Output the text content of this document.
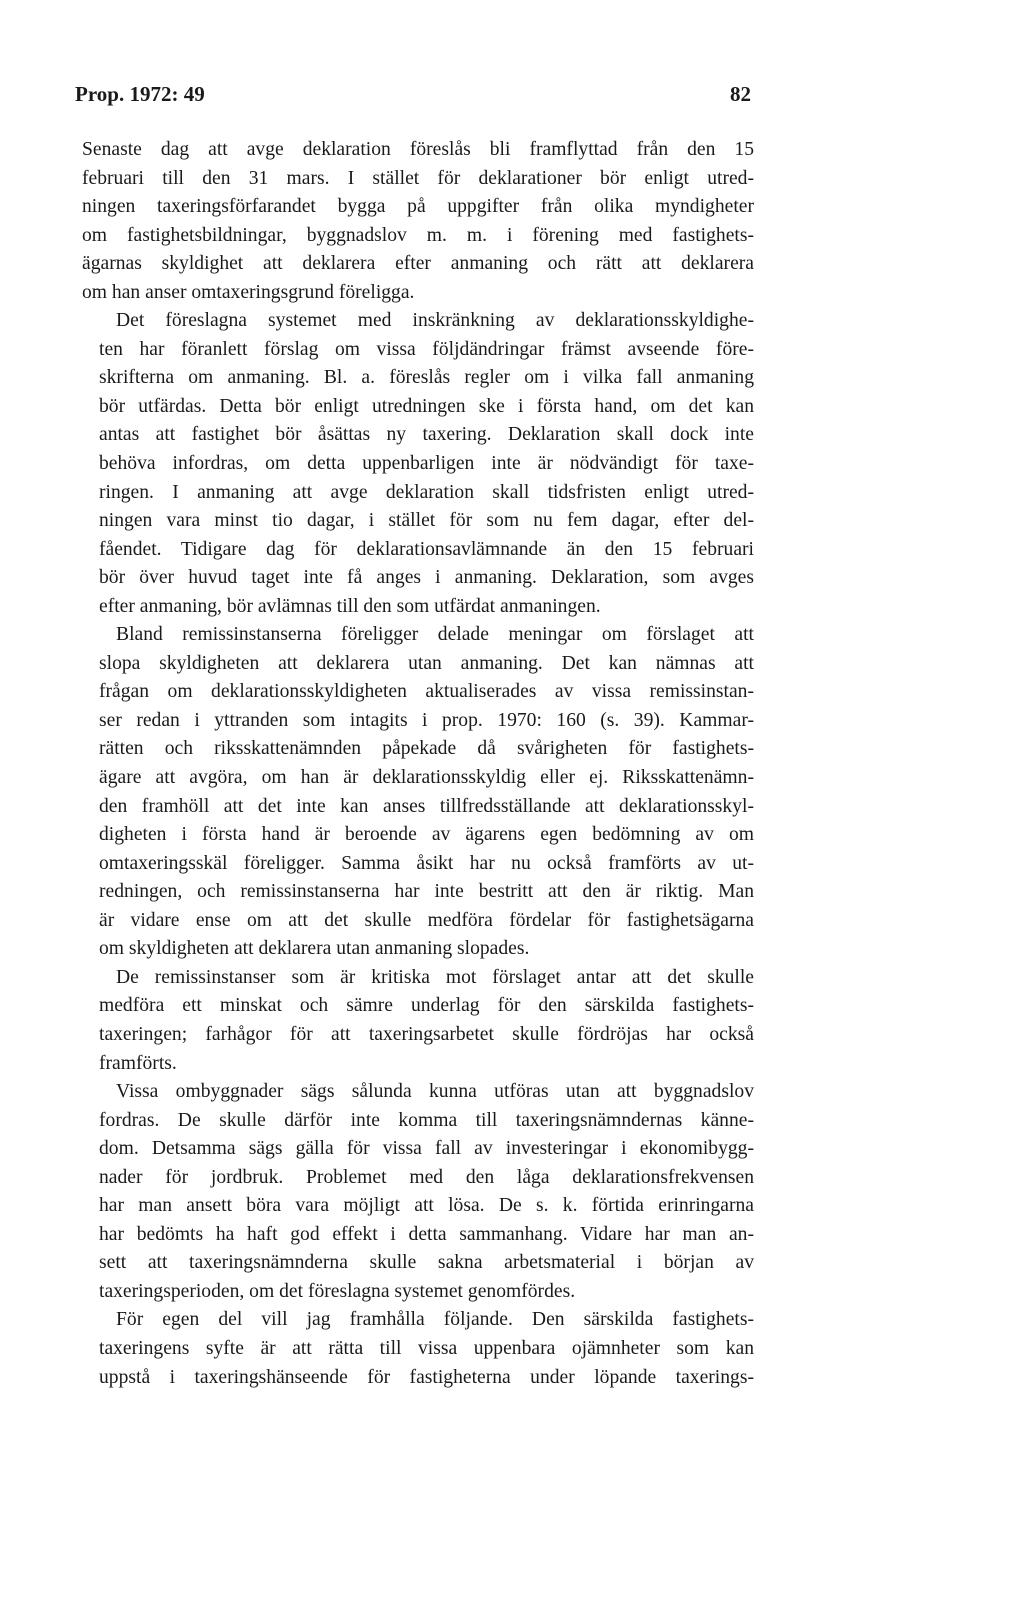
Prop. 1972: 49	82

Senaste dag att avge deklaration föreslås bli framflyttad från den 15
februari till den 31 mars. I stället för deklarationer bör enligt utred-
ningen taxeringsförfarandet bygga på uppgifter från olika myndigheter
om fastighetsbildningar, byggnadslov m. m. i förening med fastighets-
ägarnas skyldighet att deklarera efter anmaning och rätt att deklarera
om han anser omtaxeringsgrund föreligga.

Det föreslagna systemet med inskränkning av deklarationsskyldighe-
ten har föranlett förslag om vissa följdändringar främst avseende före-
skrifterna om anmaning. Bl. a. föreslås regler om i vilka fall anmaning
bör utfärdas. Detta bör enligt utredningen ske i första hand, om det kan
antas att fastighet bör åsättas ny taxering. Deklaration skall dock inte
behöva infordras, om detta uppenbarligen inte är nödvändigt för taxe-
ringen. I anmaning att avge deklaration skall tidsfristen enligt utred-
ningen vara minst tio dagar, i stället för som nu fem dagar, efter del-
fåendet. Tidigare dag för deklarationsavlämnande än den 15 februari
bör över huvud taget inte få anges i anmaning. Deklaration, som avges
efter anmaning, bör avlämnas till den som utfärdat anmaningen.

Bland remissinstanserna föreligger delade meningar om förslaget att
slopa skyldigheten att deklarera utan anmaning. Det kan nämnas att
frågan om deklarationsskyldigheten aktualiserades av vissa remissinstan-
ser redan i yttranden som intagits i prop. 1970: 160 (s. 39). Kammar-
rätten och riksskattenämnden påpekade då svårigheten för fastighets-
ägare att avgöra, om han är deklarationsskyldig eller ej. Riksskattenämn-
den framhöll att det inte kan anses tillfredsställande att deklarationsskyl-
digheten i första hand är beroende av ägarens egen bedömning av om
omtaxeringsskäl föreligger. Samma åsikt har nu också framförts av ut-
redningen, och remissinstanserna har inte bestritt att den är riktig. Man
är vidare ense om att det skulle medföra fördelar för fastighetsägarna
om skyldigheten att deklarera utan anmaning slopades.

De remissinstanser som är kritiska mot förslaget antar att det skulle
medföra ett minskat och sämre underlag för den särskilda fastighets-
taxeringen; farhågor för att taxeringsarbetet skulle fördröjas har också
framförts.

Vissa ombyggnader sägs sålunda kunna utföras utan att byggnadslov
fordras. De skulle därför inte komma till taxeringsnämndernas känne-
dom. Detsamma sägs gälla för vissa fall av investeringar i ekonomibygg-
nader för jordbruk. Problemet med den låga deklarationsfrekvensen
har man ansett böra vara möjligt att lösa. De s. k. förtida erinringarna
har bedömts ha haft god effekt i detta sammanhang. Vidare har man an-
sett att taxeringsnämnderna skulle sakna arbetsmaterial i början av
taxeringsperioden, om det föreslagna systemet genomfördes.

För egen del vill jag framhålla följande. Den särskilda fastighets-
taxeringens syfte är att rätta till vissa uppenbara ojämnheter som kan
uppstå i taxeringshänseende för fastigheterna under löpande taxerings-
